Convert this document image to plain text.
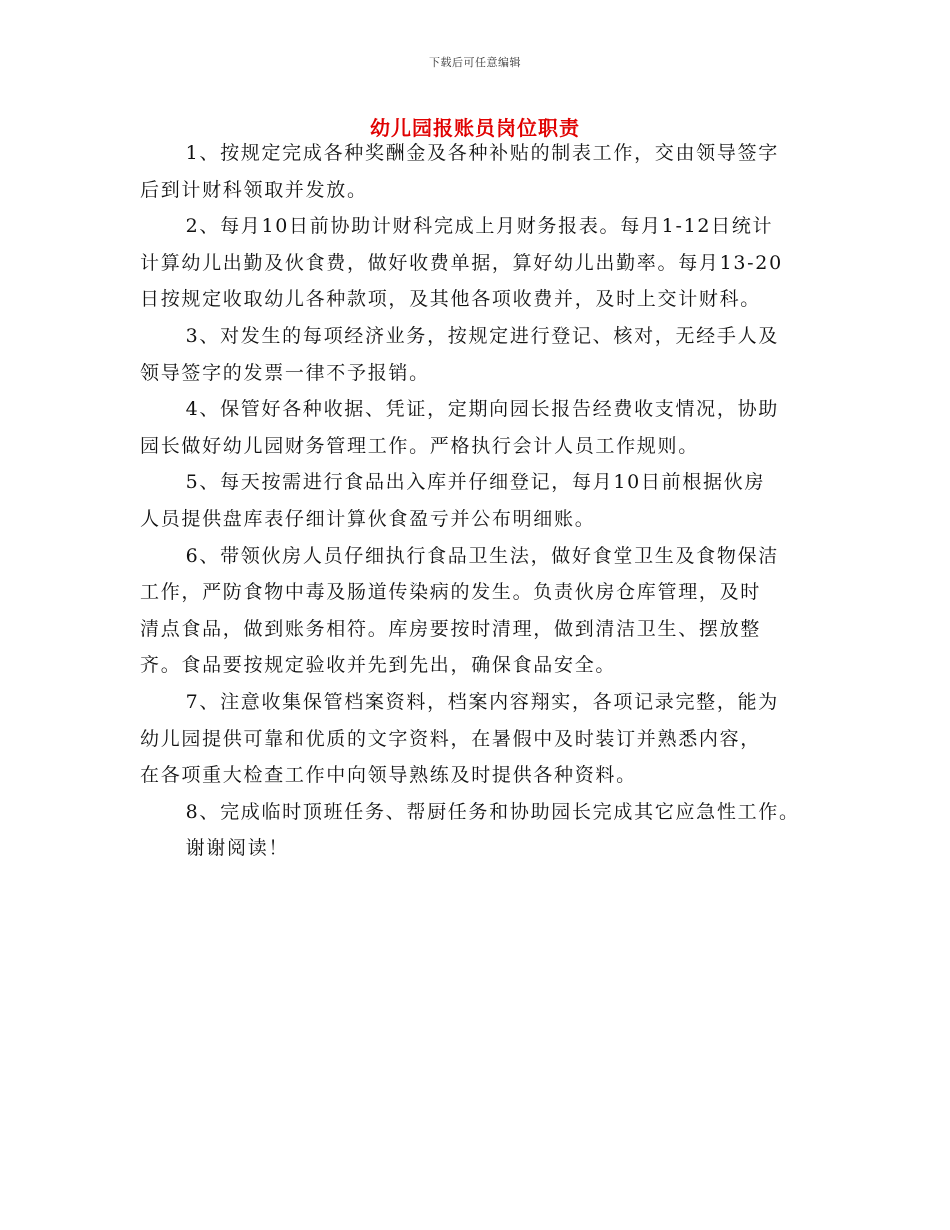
下载后可任意编辑
幼儿园报账员岗位职责
1、按规定完成各种奖酬金及各种补贴的制表工作，交由领导签字
后到计财科领取并发放。
2、每月10日前协助计财科完成上月财务报表。每月1-12日统计
计算幼儿出勤及伙食费，做好收费单据，算好幼儿出勤率。每月13-20
日按规定收取幼儿各种款项，及其他各项收费并，及时上交计财科。
3、对发生的每项经济业务，按规定进行登记、核对，无经手人及
领导签字的发票一律不予报销。
4、保管好各种收据、凭证，定期向园长报告经费收支情况，协助
园长做好幼儿园财务管理工作。严格执行会计人员工作规则。
5、每天按需进行食品出入库并仔细登记，每月10日前根据伙房
人员提供盘库表仔细计算伙食盈亏并公布明细账。
6、带领伙房人员仔细执行食品卫生法，做好食堂卫生及食物保洁
工作，严防食物中毒及肠道传染病的发生。负责伙房仓库管理，及时
清点食品，做到账务相符。库房要按时清理，做到清洁卫生、摆放整
齐。食品要按规定验收并先到先出，确保食品安全。
7、注意收集保管档案资料，档案内容翔实，各项记录完整，能为
幼儿园提供可靠和优质的文字资料，在暑假中及时装订并熟悉内容，
在各项重大检查工作中向领导熟练及时提供各种资料。
8、完成临时顶班任务、帮厨任务和协助园长完成其它应急性工作。
谢谢阅读！
